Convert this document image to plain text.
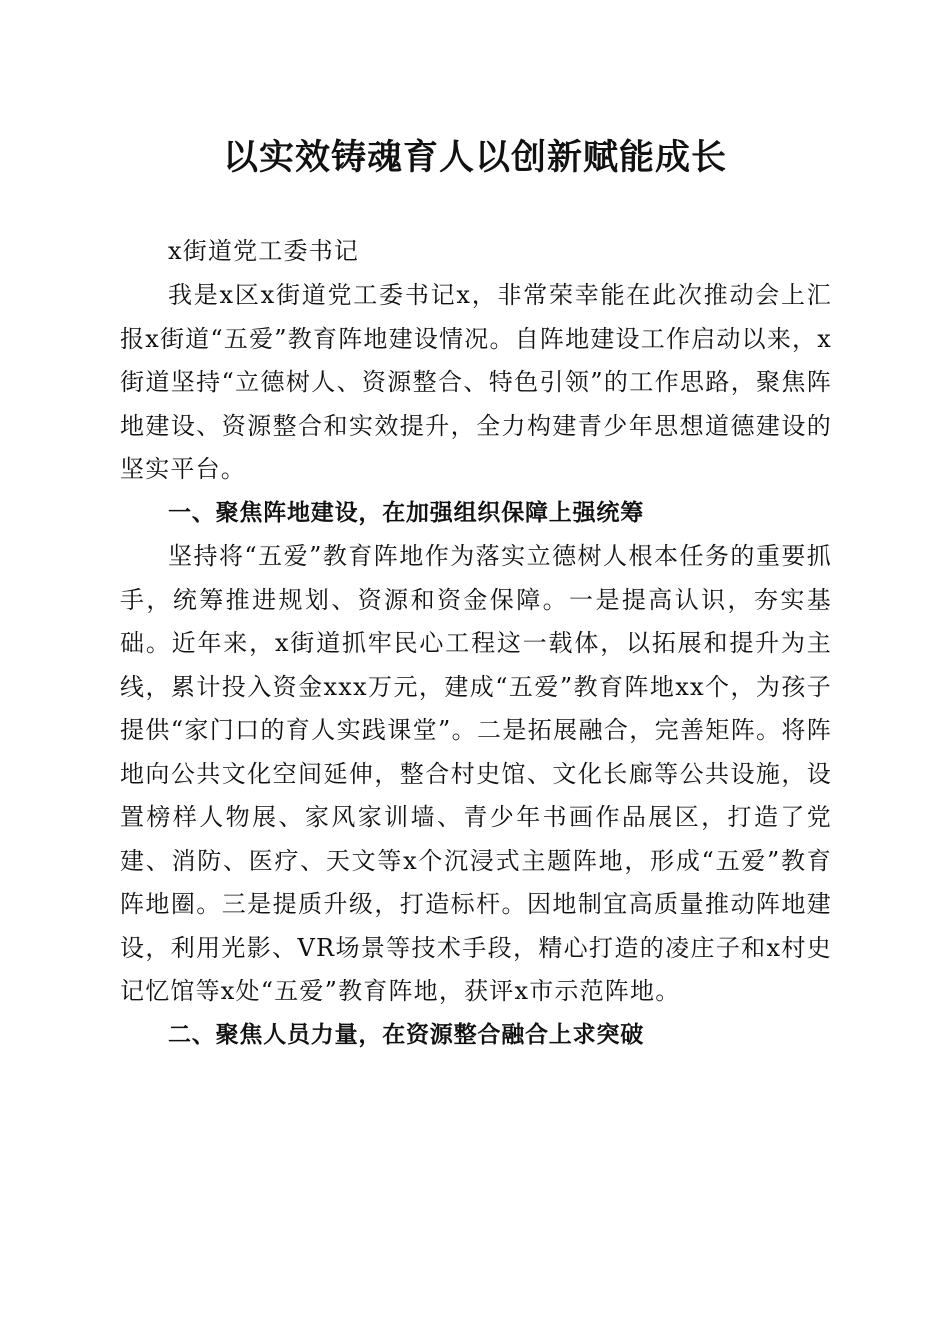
以实效铸魂育人以创新赋能成长

x街道党工委书记

我是x区x街道党工委书记x，非常荣幸能在此次推动会上汇报x街道“五爱”教育阵地建设情况。自阵地建设工作启动以来，x街道坚持“立德树人、资源整合、特色引领”的工作思路，聚焦阵地建设、资源整合和实效提升，全力构建青少年思想道德建设的坚实平台。

一、聚焦阵地建设，在加强组织保障上强统筹

坚持将“五爱”教育阵地作为落实立德树人根本任务的重要抓手，统筹推进规划、资源和资金保障。一是提高认识，夯实基础。近年来，x街道抓牢民心工程这一载体，以拓展和提升为主线，累计投入资金xxx万元，建成“五爱”教育阵地xx个，为孩子提供“家门口的育人实践课堂”。二是拓展融合，完善矩阵。将阵地向公共文化空间延伸，整合村史馆、文化长廊等公共设施，设置榜样人物展、家风家训墙、青少年书画作品展区，打造了党建、消防、医疗、天文等x个沉浸式主题阵地，形成“五爱”教育阵地圈。三是提质升级，打造标杆。因地制宜高质量推动阵地建设，利用光影、VR场景等技术手段，精心打造的凌庄子和x村史记忆馆等x处“五爱”教育阵地，获评x市示范阵地。

二、聚焦人员力量，在资源整合融合上求突破
